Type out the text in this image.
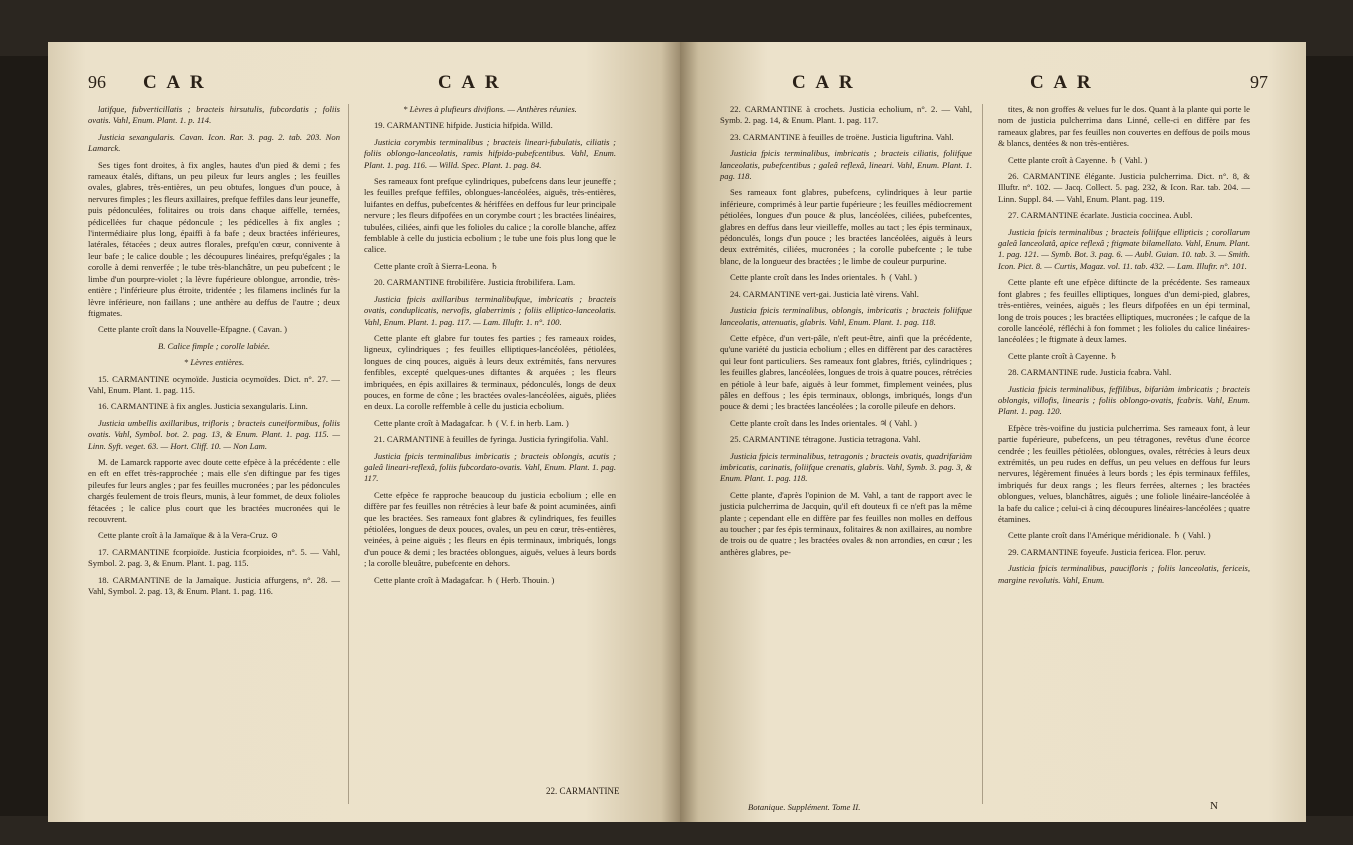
96 C A R	C A R

latifque, fubverticillatis ; bracteis hirsutulis, fubcordatis ; foliis ovatis. Vahl, Enum. Plant. 1. p. 114.

Justicia sexangularis. Cavan. Icon. Rar. 3. pag. 2. tab. 203. Non Lamarck.

Ses tiges font droites, à fix angles, hautes d'un pied & demi ; fes rameaux étalés, diftans, un peu pileux fur leurs angles ; les feuilles ovales, glabres, très-entières, un peu obtufes, longues d'un pouce, à nervures fimples ; les fleurs axillaires, prefque feffiles dans leur jeuneffe, puis pédonculées, folitaires ou trois dans chaque aiffelle, ternées, pédicellées fur chaque pédoncule ; les pédicelles à fix angles ; l'intermédiaire plus long, épaiffi à fa bafe ; deux bractées inférieures, latérales, fétacées ; deux autres florales, prefqu'en cœur, connivente à leur bafe ; le calice double ; les découpures linéaires, prefqu'égales ; la corolle à demi renverfée ; le tube très-blanchâtre, un peu pubefcent ; le limbe d'un pourpre-violet ; la lèvre fupérieure oblongue, arrondie, très-entière ; l'inférieure plus étroite, tridentée ; les filamens inclinés fur la lèvre inférieure, non faillans ; une anthère au deffus de l'autre ; deux ftigmates.

Cette plante croît dans la Nouvelle-Efpagne. ( Cavan. )

B. Calice fimple ; corolle labiée.

* Lèvres entières.

15. CARMANTINE ocymoïde. Justicia ocymoïdes. Dict. n°. 27. — Vahl, Enum. Plant. 1. pag. 115.

16. CARMANTINE à fix angles. Justicia sexangularis. Linn.

Justicia umbellis axillaribus, trifloris ; bracteis cuneiformibus, foliis ovatis. Vahl, Symbol. bot. 2. pag. 13, & Enum. Plant. 1. pag. 115. — Linn. Syft. veget. 63. — Hort. Cliff. 10. — Non Lam.

M. de Lamarck rapporte avec doute cette efpèce à la précédente : elle en eft en effet très-rapprochée ; mais elle s'en diftingue par fes tiges pileufes fur leurs angles ; par fes feuilles mucronées ; par les pédoncules chargés feulement de trois fleurs, munis, à leur fommet, de deux folioles fétacées ; le calice plus court que les bractées mucronées qui le recouvrent.

Cette plante croît à la Jamaïque & à la Vera-Cruz. ⊙

17. CARMANTINE fcorpioïde. Justicia fcorpioides, n°. 5. — Vahl, Symbol. 2. pag. 3, & Enum. Plant. 1. pag. 115.

18. CARMANTINE de la Jamaïque. Justicia affurgens, n°. 28. — Vahl, Symbol. 2. pag. 13, & Enum. Plant. 1. pag. 116.

* Lèvres à plufieurs divifions. — Anthères réunies.

19. CARMANTINE hifpide. Justicia hifpida. Willd.

Justicia corymbis terminalibus ; bracteis lineari-fubulatis, ciliatis ; foliis oblongo-lanceolatis, ramis hifpido-pubefcentibus. Vahl, Enum. Plant. 1. pag. 116. — Willd. Spec. Plant. 1. pag. 84.

Ses rameaux font prefque cylindriques, pubefcens dans leur jeuneffe ; les feuilles prefque feffiles, oblongues-lancéolées, aiguës, très-entières, luifantes en deffus, pubefcentes & hériffées en deffous fur leur principale nervure ; les fleurs difpofées en un corymbe court ; les bractées linéaires, tubulées, ciliées, ainfi que les folioles du calice ; la corolle blanche, affez femblable à celle du justicia ecbolium ; le tube une fois plus long que le calice.

Cette plante croît à Sierra-Leona. ♄

20. CARMANTINE ftrobilifère. Justicia ftrobilifera. Lam.

Justicia fpicis axillaribus terminalibufque, imbricatis ; bracteis ovatis, conduplicatis, nervofis, glaberrimis ; foliis elliptico-lanceolatis. Vahl, Enum. Plant. 1. pag. 117. — Lam. Illuftr. 1. n°. 100.

Cette plante eft glabre fur toutes fes parties ; fes rameaux roides, ligneux, cylindriques ; fes feuilles elliptiques-lancéolées, pétiolées, longues de cinq pouces, aiguës à leurs deux extrémités, fans nervures fenfibles, excepté quelques-unes diftantes & arquées ; les fleurs imbriquées, en épis axillaires & terminaux, pédonculés, longs de deux pouces, en forme de cône ; les bractées ovales-lancéolées, aiguës, pliées en deux. La corolle reffemble à celle du justicia ecbolium.

Cette plante croît à Madagafcar. ♄ ( V. f. in herb. Lam. )

21. CARMANTINE à feuilles de fyringa. Justicia fyringifolia. Vahl.

Justicia fpicis terminalibus imbricatis ; bracteis oblongis, acutis ; galeâ lineari-reflexâ, foliis fubcordato-ovatis. Vahl, Enum. Plant. 1. pag. 117.

Cette efpèce fe rapproche beaucoup du justicia ecbolium ; elle en diffère par fes feuilles non rétrécies à leur bafe & point acuminées, ainfi que les bractées. Ses rameaux font glabres & cylindriques, fes feuilles pétiolées, longues de deux pouces, ovales, un peu en cœur, très-entières, veinées, à peine aiguës ; les fleurs en épis terminaux, imbriqués, longs d'un pouce & demi ; les bractées oblongues, aiguës, velues à leurs bords ; la corolle bleuâtre, pubefcente en dehors.

Cette plante croît à Madagafcar. ♄ ( Herb. Thouin. )

22. CARMANTINE
C A R	C A R	97

22. CARMANTINE à crochets. Justicia echolium, n°. 2. — Vahl, Symb. 2. pag. 14, & Enum. Plant. 1. pag. 117.

23. CARMANTINE à feuilles de troëne. Justicia liguftrina. Vahl.

Justicia fpicis terminalibus, imbricatis ; bracteis ciliatis, foliifque lanceolatis, pubefcentibus ; galeâ reflexâ, lineari. Vahl, Enum. Plant. 1. pag. 118.

Ses rameaux font glabres, pubefcens, cylindriques à leur partie inférieure, comprimés à leur partie fupérieure ; les feuilles médiocrement pétiolées, longues d'un pouce & plus, lancéolées, ciliées, pubefcentes, glabres en deffus dans leur vieilleffe, molles au tact ; les épis terminaux, pédonculés, longs d'un pouce ; les bractées lancéolées, aiguës à leurs deux extrémités, ciliées, mucronées ; la corolle pubefcente ; le tube blanc, de la longueur des bractées ; le limbe de couleur purpurine.

Cette plante croît dans les Indes orientales. ♄ ( Vahl. )

24. CARMANTINE vert-gai. Justicia latè virens. Vahl.

Justicia fpicis terminalibus, oblongis, imbricatis ; bracteis foliifque lanceolatis, attenuatis, glabris. Vahl, Enum. Plant. 1. pag. 118.

Cette efpèce, d'un vert-pâle, n'eft peut-être, ainfi que la précédente, qu'une variété du justicia ecbolium ; elles en diffèrent par des caractères qui leur font particuliers. Ses rameaux font glabres, ftriés, cylindriques ; les feuilles glabres, lancéolées, longues de trois à quatre pouces, rétrécies en pétiole à leur bafe, aiguës à leur fommet, fimplement veinées, plus pâles en deffous ; les épis terminaux, oblongs, imbriqués, longs d'un pouce & demi ; les bractées lancéolées ; la corolle pileufe en dehors.

Cette plante croît dans les Indes orientales. ♃ ( Vahl. )

25. CARMANTINE tétragone. Justicia tetragona. Vahl.

Justicia fpicis terminalibus, tetragonis ; bracteis ovatis, quadrifariàm imbricatis, carinatis, foliifque crenatis, glabris. Vahl, Symb. 3. pag. 3, & Enum. Plant. 1. pag. 118.

Cette plante, d'après l'opinion de M. Vahl, a tant de rapport avec le justicia pulcherrima de Jacquin, qu'il eft douteux fi ce n'eft pas la même plante ; cependant elle en diffère par fes feuilles non molles en deffous au toucher ; par fes épis terminaux, folitaires & non axillaires, au nombre de trois ou de quatre ; les bractées ovales & non arrondies, en cœur ; les anthères glabres, pe-

tites, & non groffes & velues fur le dos. Quant à la plante qui porte le nom de justicia pulcherrima dans Linné, celle-ci en diffère par fes rameaux glabres, par fes feuilles non couvertes en deffous de poils mous & blancs, dentées & non très-entières.

Cette plante croît à Cayenne. ♄ ( Vahl. )

26. CARMANTINE élégante. Justicia pulcherrima. Dict. n°. 8, & Illuftr. n°. 102. — Jacq. Collect. 5. pag. 232, & Icon. Rar. tab. 204. — Linn. Suppl. 84. — Vahl, Enum. Plant. pag. 119.

27. CARMANTINE écarlate. Justicia coccinea. Aubl.

Justicia fpicis terminalibus ; bracteis foliifque ellipticis ; corollarum galeâ lanceolatâ, apice reflexâ ; ftigmate bilamellato. Vahl, Enum. Plant. 1. pag. 121. — Symb. Bot. 3. pag. 6. — Aubl. Guian. 10. tab. 3. — Smith. Icon. Pict. 8. — Curtis, Magaz. vol. 11. tab. 432. — Lam. Illuftr. n°. 101.

Cette plante eft une efpèce diftincte de la précédente. Ses rameaux font glabres ; fes feuilles elliptiques, longues d'un demi-pied, glabres, très-entières, veinées, aiguës ; les fleurs difpofées en un épi terminal, long de trois pouces ; les bractées elliptiques, mucronées ; le cafque de la corolle lancéolé, réfléchi à fon fommet ; les folioles du calice linéaires-lancéolées ; le ftigmate à deux lames.

Cette plante croît à Cayenne. ♄

28. CARMANTINE rude. Justicia fcabra. Vahl.

Justicia fpicis terminalibus, feffilibus, bifariàm imbricatis ; bracteis oblongis, villofis, linearis ; foliis oblongo-ovatis, fcabris. Vahl, Enum. Plant. 1. pag. 120.

Efpèce très-voifine du justicia pulcherrima. Ses rameaux font, à leur partie fupérieure, pubefcens, un peu tétragones, revêtus d'une écorce cendrée ; les feuilles pétiolées, oblongues, ovales, rétrécies à leurs deux extrémités, un peu rudes en deffus, un peu velues en deffous fur leurs nervures, légèrement finuées à leurs bords ; les épis terminaux feffiles, imbriqués fur deux rangs ; les fleurs ferrées, alternes ; les bractées oblongues, velues, blanchâtres, aiguës ; une foliole linéaire-lancéolée à la bafe du calice ; celui-ci à cinq découpures linéaires-lancéolées ; quatre étamines.

Cette plante croît dans l'Amérique méridionale. ♄ ( Vahl. )

29. CARMANTINE foyeufe. Justicia fericea. Flor. peruv.

Justicia fpicis terminalibus, paucifloris ; foliis lanceolatis, fericeis, margine revolutis. Vahl, Enum.

Botanique. Supplément. Tome II.	N
